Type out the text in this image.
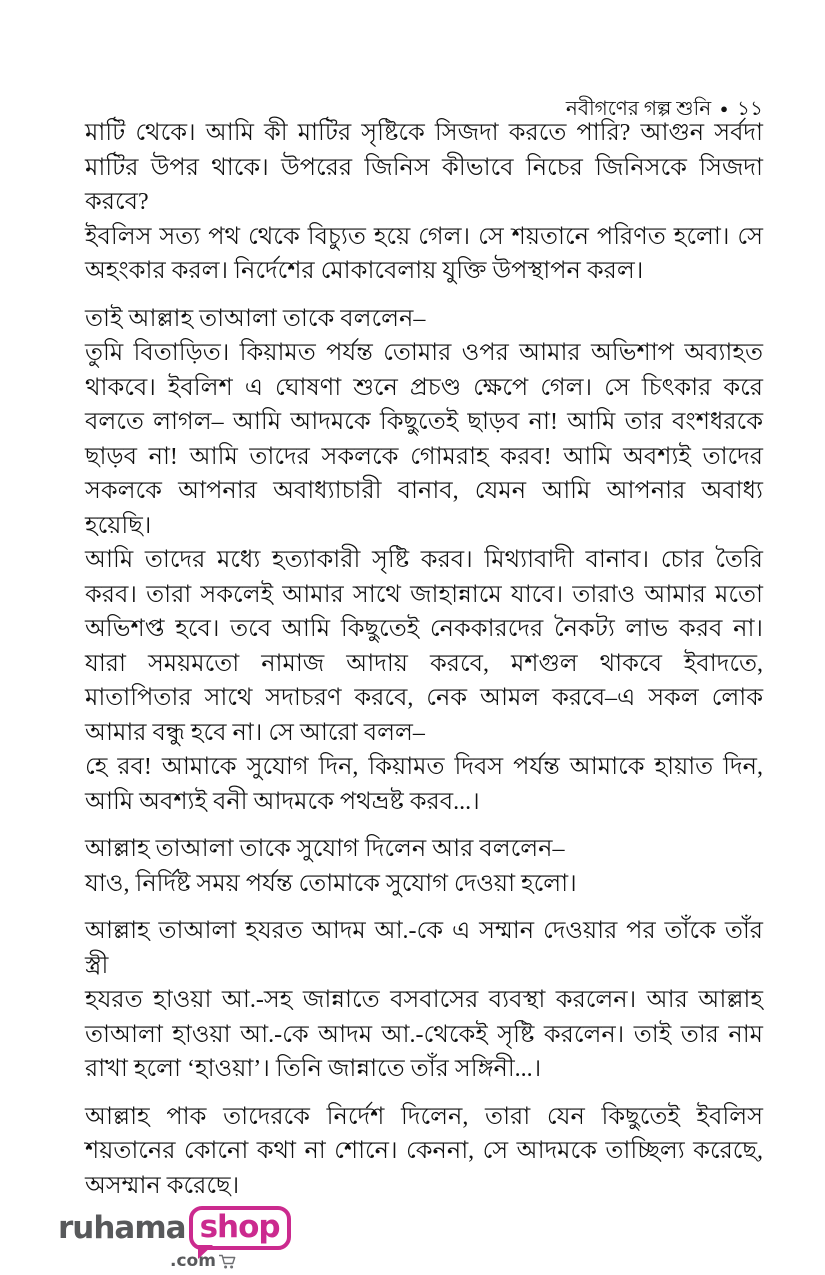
নবীগণের গল্প শুনি ● ১১
মাটি থেকে। আমি কী মাটির সৃষ্টিকে সিজদা করতে পারি? আগুন সর্বদা
মাটির উপর থাকে। উপরের জিনিস কীভাবে নিচের জিনিসকে সিজদা
করবে?
ইবলিস সত্য পথ থেকে বিচ্যুত হয়ে গেল। সে শয়তানে পরিণত হলো। সে
অহংকার করল। নির্দেশের মোকাবেলায় যুক্তি উপস্থাপন করল।
তাই আল্লাহ তাআলা তাকে বললেন–
তুমি বিতাড়িত। কিয়ামত পর্যন্ত তোমার ওপর আমার অভিশাপ অব্যাহত
থাকবে। ইবলিশ এ ঘোষণা শুনে প্রচণ্ড ক্ষেপে গেল। সে চিৎকার করে
বলতে লাগল– আমি আদমকে কিছুতেই ছাড়ব না! আমি তার বংশধরকে
ছাড়ব না! আমি তাদের সকলকে গোমরাহ করব! আমি অবশ্যই তাদের
সকলকে আপনার অবাধ্যাচারী বানাব, যেমন আমি আপনার অবাধ্য হয়েছি।
আমি তাদের মধ্যে হত্যাকারী সৃষ্টি করব। মিথ্যাবাদী বানাব। চোর তৈরি
করব। তারা সকলেই আমার সাথে জাহান্নামে যাবে। তারাও আমার মতো
অভিশপ্ত হবে। তবে আমি কিছুতেই নেককারদের নৈকট্য লাভ করব না।
যারা সময়মতো নামাজ আদায় করবে, মশগুল থাকবে ইবাদতে,
মাতাপিতার সাথে সদাচরণ করবে, নেক আমল করবে–এ সকল লোক
আমার বন্ধু হবে না। সে আরো বলল–
হে রব! আমাকে সুযোগ দিন, কিয়ামত দিবস পর্যন্ত আমাকে হায়াত দিন,
আমি অবশ্যই বনী আদমকে পথভ্রষ্ট করব...।
আল্লাহ তাআলা তাকে সুযোগ দিলেন আর বললেন–
যাও, নির্দিষ্ট সময় পর্যন্ত তোমাকে সুযোগ দেওয়া হলো।
আল্লাহ তাআলা হযরত আদম আ.-কে এ সম্মান দেওয়ার পর তাঁকে তাঁর স্ত্রী
হযরত হাওয়া আ.-সহ জান্নাতে বসবাসের ব্যবস্থা করলেন। আর আল্লাহ
তাআলা হাওয়া আ.-কে আদম আ.-থেকেই সৃষ্টি করলেন। তাই তার নাম
রাখা হলো ‘হাওয়া’। তিনি জান্নাতে তাঁর সঙ্গিনী...।
আল্লাহ পাক তাদেরকে নির্দেশ দিলেন, তারা যেন কিছুতেই ইবলিস
শয়তানের কোনো কথা না শোনে। কেননা, সে আদমকে তাচ্ছিল্য করেছে,
অসম্মান করেছে।
ruhama shop
.com
